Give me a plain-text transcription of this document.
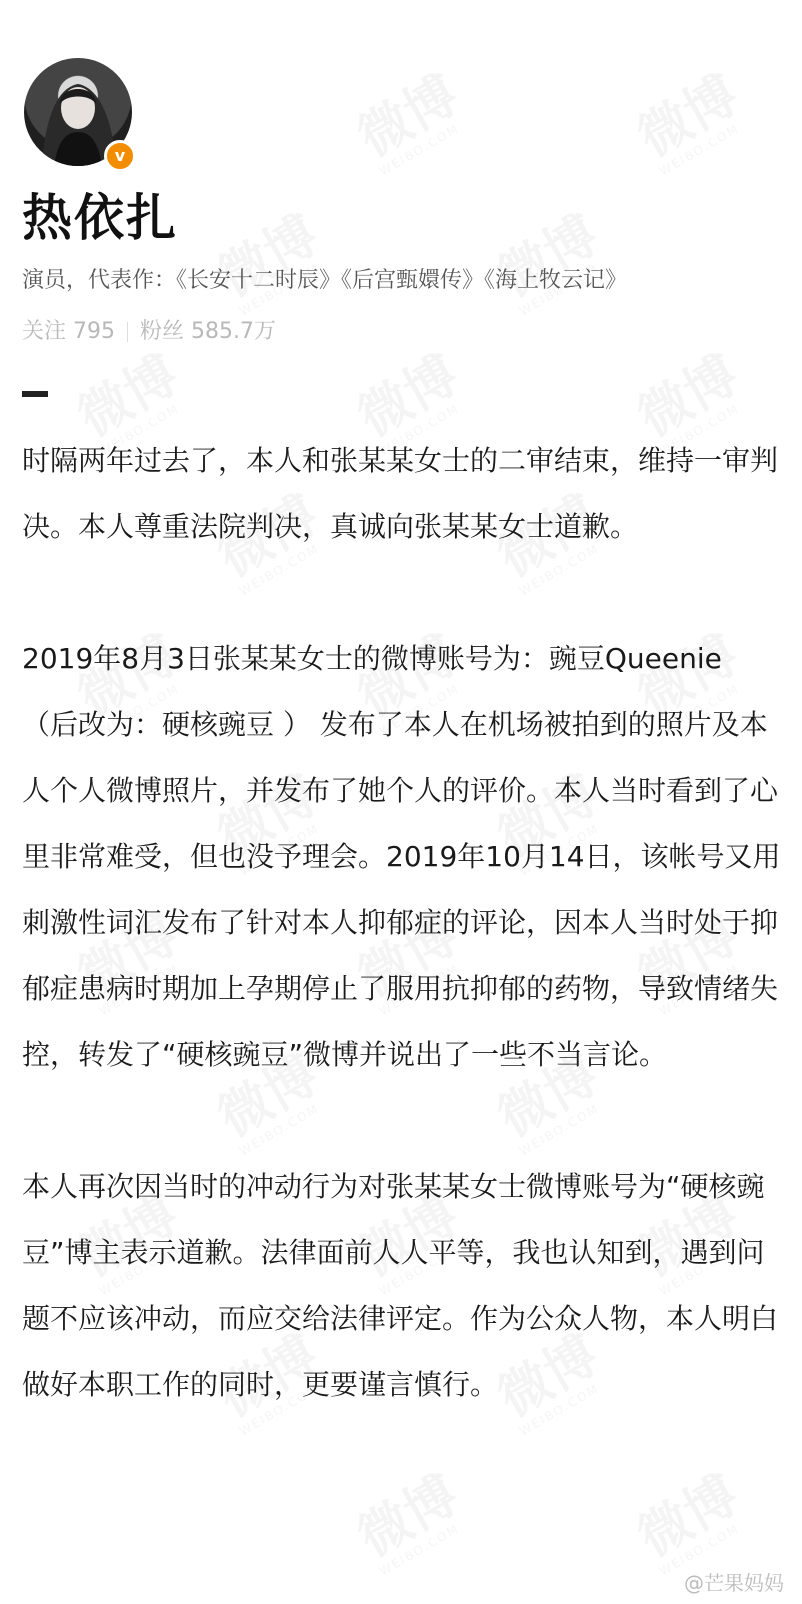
v
热依扎
演员，代表作：《长安十二时辰》《后宫甄嬛传》《海上牧云记》
关注 795 粉丝 585.7万

时隔两年过去了，本人和张某某女士的二审结束，维持一审判决。本人尊重法院判决，真诚向张某某女士道歉。

2019年8月3日张某某女士的微博账号为：豌豆Queenie （后改为：硬核豌豆 ） 发布了本人在机场被拍到的照片及本人个人微博照片，并发布了她个人的评价。本人当时看到了心里非常难受，但也没予理会。2019年10月14日，该帐号又用刺激性词汇发布了针对本人抑郁症的评论，因本人当时处于抑郁症患病时期加上孕期停止了服用抗抑郁的药物，导致情绪失控，转发了“硬核豌豆”微博并说出了一些不当言论。

本人再次因当时的冲动行为对张某某女士微博账号为“硬核豌豆”博主表示道歉。法律面前人人平等，我也认知到，遇到问题不应该冲动，而应交给法律评定。作为公众人物，本人明白做好本职工作的同时，更要谨言慎行。

@芒果妈妈
